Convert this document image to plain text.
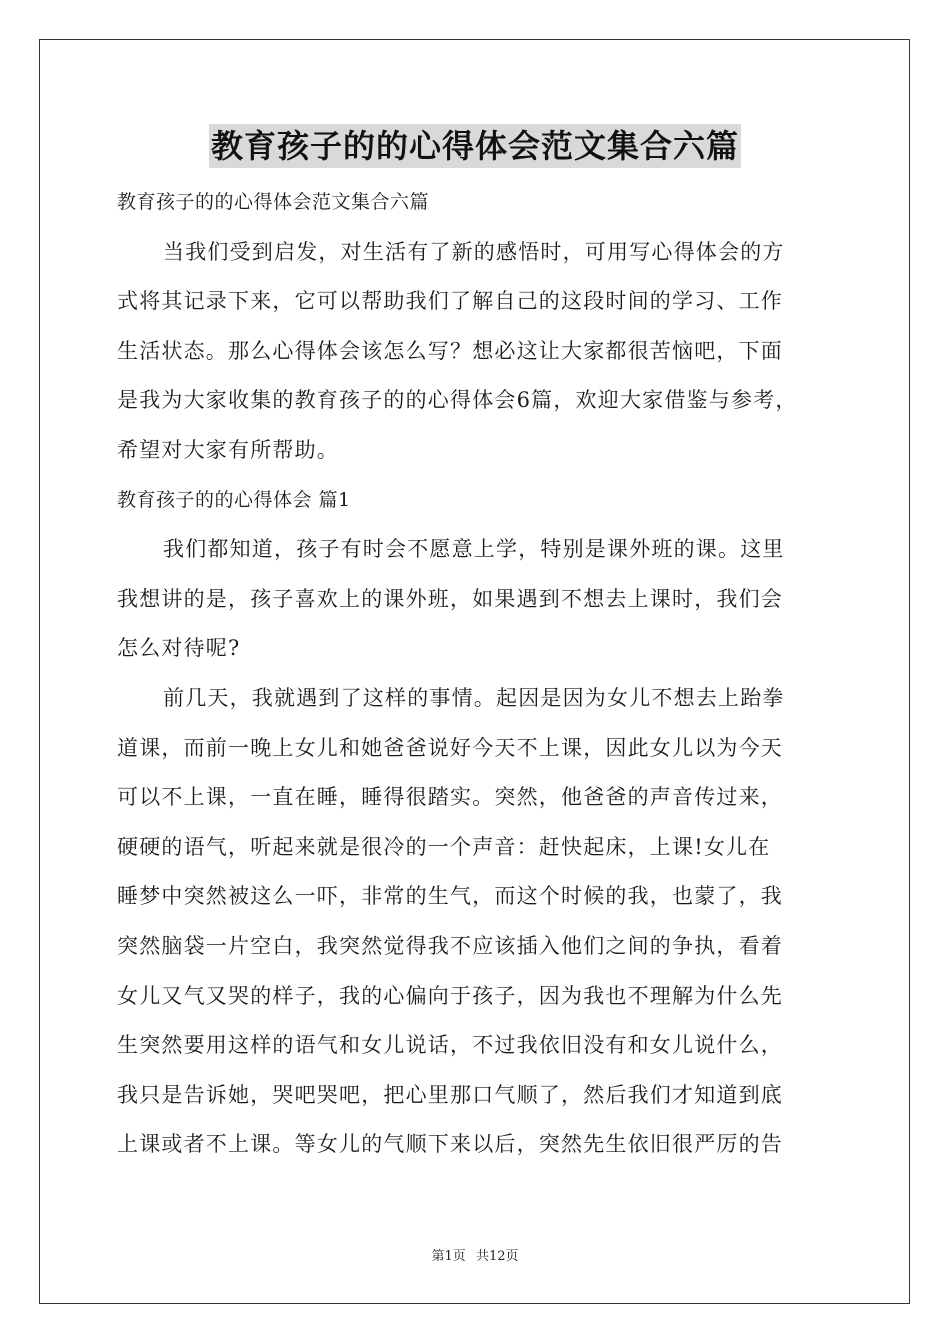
教育孩子的的心得体会范文集合六篇
教育孩子的的心得体会范文集合六篇
当我们受到启发，对生活有了新的感悟时，可用写心得体会的方
式将其记录下来，它可以帮助我们了解自己的这段时间的学习、工作
生活状态。那么心得体会该怎么写？想必这让大家都很苦恼吧，下面
是我为大家收集的教育孩子的的心得体会6篇，欢迎大家借鉴与参考，
希望对大家有所帮助。
教育孩子的的心得体会 篇1
我们都知道，孩子有时会不愿意上学，特别是课外班的课。这里
我想讲的是，孩子喜欢上的课外班，如果遇到不想去上课时，我们会
怎么对待呢?
前几天，我就遇到了这样的事情。起因是因为女儿不想去上跆拳
道课，而前一晚上女儿和她爸爸说好今天不上课，因此女儿以为今天
可以不上课，一直在睡，睡得很踏实。突然，他爸爸的声音传过来，
硬硬的语气，听起来就是很冷的一个声音：赶快起床，上课!女儿在
睡梦中突然被这么一吓，非常的生气，而这个时候的我，也蒙了，我
突然脑袋一片空白，我突然觉得我不应该插入他们之间的争执，看着
女儿又气又哭的样子，我的心偏向于孩子，因为我也不理解为什么先
生突然要用这样的语气和女儿说话，不过我依旧没有和女儿说什么，
我只是告诉她，哭吧哭吧，把心里那口气顺了，然后我们才知道到底
上课或者不上课。等女儿的气顺下来以后，突然先生依旧很严厉的告
第1页 共12页
